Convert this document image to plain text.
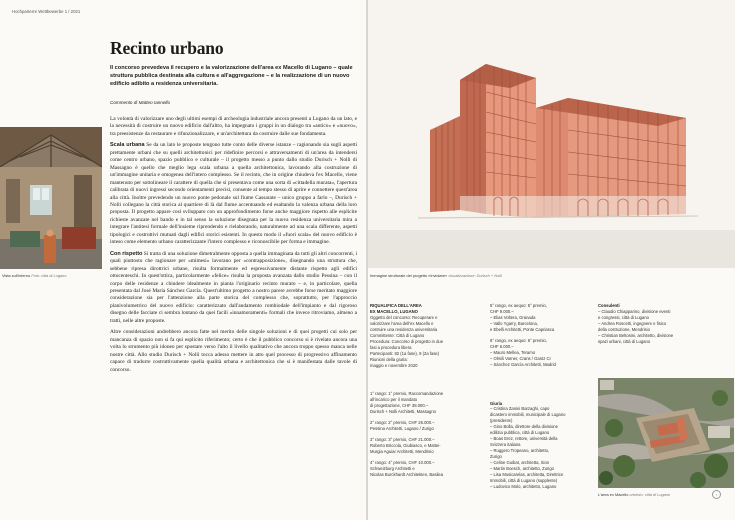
Hochparterre Wettbewerbe 1 / 2021
Recinto urbano
Il concorso prevedeva il recupero e la valorizzazione dell'area ex Macello di Lugano – quale struttura pubblica destinata alla cultura e all'aggregazione – e la realizzazione di un nuovo edificio adibito a residenza universitaria.
Commento di Matteo Iannello

La volontà di valorizzare uno degli ultimi esempi di archeologia industriale ancora presenti a Lugano da un lato, e la necessità di costruire un nuovo edificio dall'altro, ha impegnato i gruppi in un dialogo tra «antico» e «nuovo», tra preesistenze da restaurare e rifunzionalizzare, e un'architettura da costruire dalle sue fondamenta.

Scala urbana Se da un lato le proposte tengono tutte conto delle diverse istanze – ragionando sia sugli aspetti prettamente urbani che su quelli architettonici per ridefinire percorsi e attraversamenti di un'area da intendersi come centro urbano, spazio pubblico e culturale – il progetto messo a punto dallo studio Durisch + Nolli di Massagno è quello che meglio lega scala urbana a quella architettonica, lavorando alla costruzione di un'immagine unitaria e omogenea dell'intero complesso. Se il recinto, che in origine chiudeva l'ex Macello, viene mantenuto per sottolineare il carattere di quella che si presentava come una sorta di «cittadella murata», l'apertura calibrata di nuovi ingressi secondo orientamenti precisi, consente al tempo stesso di aprire e connettere quest'area alla città. Inoltre prevedendo un nuovo ponte pedonale sul fiume Cassarate – unico gruppo a farlo –, Durisch + Nolli collegano la città storica al quartiere di là dal fiume accentuando ed esaltando la valenza urbana della loro proposta. Il progetto appare così sviluppato con un approfondimento forse anche maggiore rispetto alle esplicite richieste avanzate nel bando e in tal senso la soluzione disegnata per la nuova residenza universitaria mira a integrare l'antitesi formale dell'insieme riprendendo e rielaborando, naturalmente ad una scala differente, aspetti tipologici e costruttivi mutuati dagli edifici storici esistenti. In questo modo il «fuori scala» del nuovo edificio è inteso come elemento urbano caratterizzante l'intero complesso e riconoscibile per forma e immagine.

Con rispetto Si tratta di una soluzione dimetralmente opposta a quella immaginata da tutti gli altri concorrenti, i quali piuttosto che ragionare per «mimesi» lavorano per «contrapposizione», disegnando una struttura che, sebbene ripresa dirottrici urbane, risulta formalmente ed espressivamente distante rispetto agli edifici ottocenteschi. In quest'ottica, particolarmente «felice» risulta la proposta avanzata dallo studio Pessina – con il corpo delle residenze a chiudere idealmente in pianta l'originario recinto murato – e, in particolare, quella presentata dal José María Sánchez García. Quest'ultimo progetto a nostro parere avrebbe forse meritato maggiore considerazione sia per l'attenzione alla parte storica del complesso che, soprattutto, per l'approccio planivolumetrico del nuovo edificio: caratterizzato dall'andamento rombiodale dell'impianto e dal rigoroso disegno delle facciate ci sembra lontano da quei facili «innamoramenti» formali che invece ritroviamo, almeno a tratti, nelle altre proposte.

Altre considerazioni andrebbero ancora fatte nel merito delle singole soluzioni e di quei progetti cui solo per mancanza di spazio non si fa qui esplicito riferimento; certo è che il pubblico concorso si è rivelato ancora una volta lo strumento più idoneo per spostare verso l'alto il livello qualitativo che ancora troppo spesso manca nelle nostre città. Allo studio Durisch + Nolli tocca adesso mettere in atto quel processo di progressivo affinamento capace di tradurre costruttivamente quella qualità urbana e architettonica che si è manifestata dalle tavole di concorso.

Vista sull'interno Foto: città di Lugano	Immagine strutturale del progetto «Inviolare» visualizzazione: Durisch + Nolli
RIQUALIFICA DELL'AREA
EX MACELLO, LUGANO
Oggetto del concorso: Recuperare e
valorizzare l'area dell'ex Macello e
costruire una residenza universitaria
Committente: Città di Lugano
Procedura: Concorso di progetto in due
fasi a procedura libera
Partecipanti: 82 (1a fase), 9 (2a fase)
Riunioni della giuria:
maggio e novembre 2020
1° rango: 1° premio, Raccomandazione
all'incarico per il mandato
di progettazione, CHF 38.000.–
Durisch + Nolli Architetti, Massagno
2° rango: 2° premio, CHF 26.000.–
Pessina Architetti, Lugano / Zurigo
3° rango: 3° premio, CHF 21.000.–
Roberto Briccola, Giubiasco, e Mattei-
Murgia Aguiar Architetti, Mendrisio
4° rango: 4° premio, CHF 10.000.–
Schweizburg Architetti e
Nicolas Burckhardt Architekten, Basilea
5° rango, ex aequo: 5° premio,
CHF 9.000.–
– Elias Voltera, Granada
– Vallo Ygarry, Barcelona,
e Ebelli Architetti, Ponte Capriasca
6° rango, ex aequo: 6° premio,
CHF 6.000.–
– Mauro Mellea, Teramo
– Olmili Varner, Crans / Gantz CI
– Sánchez García Architetti, Madrid
Giuria
– Cristina Zanini Barzaghi, capo
dicastero immobili, municipale di Lugano
(presidente)
– Gino Bolla, direttore della divisione
edilizia pubblica, città di Lugano
– Boas Erez, rettore, università della
Svizzera italiana
– Ruggero Tropeano, architetto,
Zurigo
– Celine Guibat, architetta, Sion
– Martin Boesch, architetto, Zurigo
– Lisa Musicarelas, architetta, Direttrice
Immobili, città di Lugano (supplente)
– Ludovico Molo, architetto, Lugano
Consulenti
– Claudio Chiapparino, divisione eventi
e congressi, città di Lugano
– Andrea Roscetti, ingegnere e fisico
della costruzione, Mendrisio
– Christian Beltosini, architetto, divisione
spazi urbani, città di Lugano
L'area ex Macello ortofoto: città di Lugano	›
